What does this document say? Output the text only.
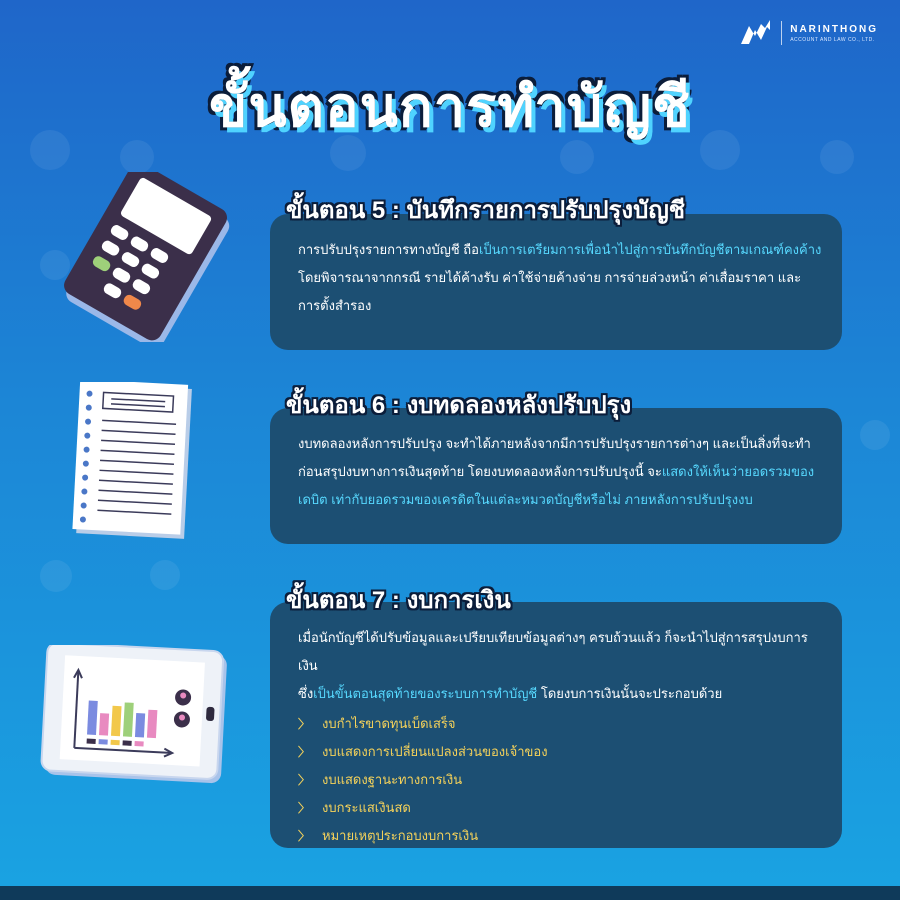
NARINTHONG
ACCOUNT AND LAW CO., LTD.
ขั้นตอนการทำบัญชี
ขั้นตอน 5 : บันทึกรายการปรับปรุงบัญชี

การปรับปรุงรายการทางบัญชี ถือเป็นการเตรียมการเพื่อนำไปสู่การบันทึกบัญชีตามเกณฑ์คงค้าง

โดยพิจารณาจากกรณี รายได้ค้างรับ ค่าใช้จ่ายค้างจ่าย การจ่ายล่วงหน้า ค่าเสื่อมราคา และ

การตั้งสำรอง

ขั้นตอน 6 : งบทดลองหลังปรับปรุง

งบทดลองหลังการปรับปรุง จะทำได้ภายหลังจากมีการปรับปรุงรายการต่างๆ และเป็นสิ่งที่จะทำ

ก่อนสรุปงบทางการเงินสุดท้าย โดยงบทดลองหลังการปรับปรุงนี้ จะแสดงให้เห็นว่ายอดรวมของ

เดบิต เท่ากับยอดรวมของเครดิตในแต่ละหมวดบัญชีหรือไม่ ภายหลังการปรับปรุงงบ

ขั้นตอน 7 : งบการเงิน

เมื่อนักบัญชีได้ปรับข้อมูลและเปรียบเทียบข้อมูลต่างๆ ครบถ้วนแล้ว ก็จะนำไปสู่การสรุปงบการเงิน

ซึ่งเป็นขั้นตอนสุดท้ายของระบบการทำบัญชี โดยงบการเงินนั้นจะประกอบด้วย

〉 งบกำไรขาดทุนเบ็ดเสร็จ
〉 งบแสดงการเปลี่ยนแปลงส่วนของเจ้าของ
〉 งบแสดงฐานะทางการเงิน
〉 งบกระแสเงินสด
〉 หมายเหตุประกอบงบการเงิน
